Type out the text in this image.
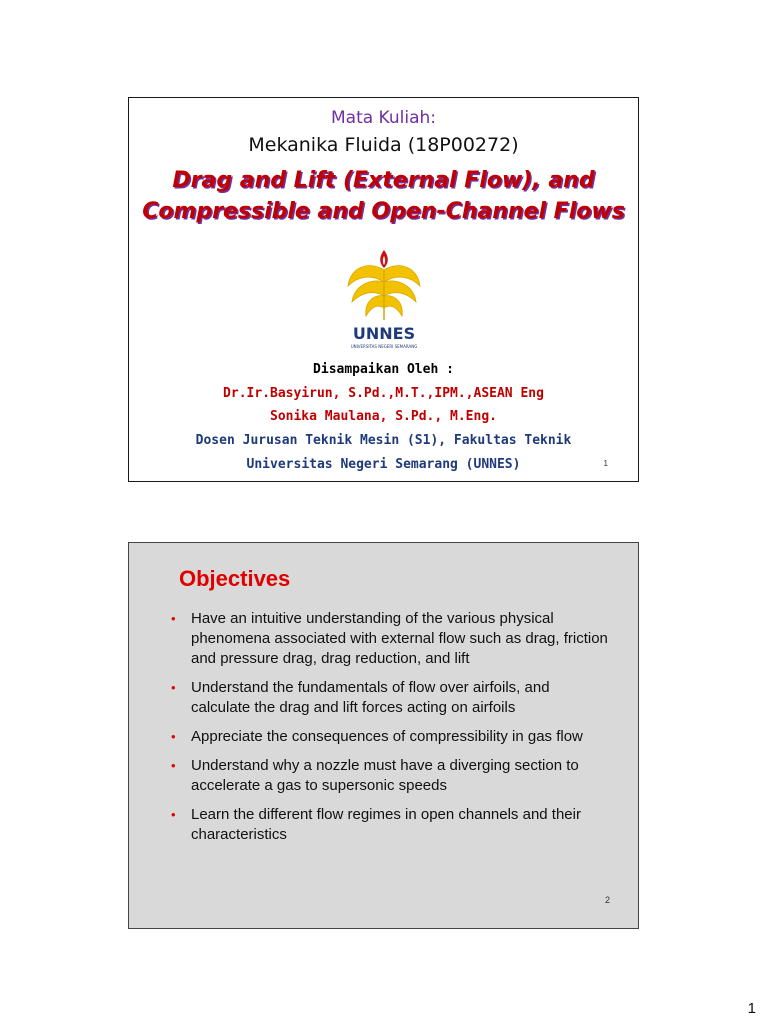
Mata Kuliah:
Mekanika Fluida (18P00272)
Drag and Lift (External Flow), and
Compressible and Open-Channel Flows
UNNES
UNIVERSITAS NEGERI SEMARANG
Disampaikan Oleh :
Dr.Ir.Basyirun, S.Pd.,M.T.,IPM.,ASEAN Eng
Sonika Maulana, S.Pd., M.Eng.
Dosen Jurusan Teknik Mesin (S1), Fakultas Teknik
Universitas Negeri Semarang (UNNES)	1
Objectives
• Have an intuitive understanding of the various physical phenomena associated with external flow such as drag, friction and pressure drag, drag reduction, and lift
• Understand the fundamentals of flow over airfoils, and calculate the drag and lift forces acting on airfoils
• Appreciate the consequences of compressibility in gas flow
• Understand why a nozzle must have a diverging section to accelerate a gas to supersonic speeds
• Learn the different flow regimes in open channels and their characteristics
2
1
